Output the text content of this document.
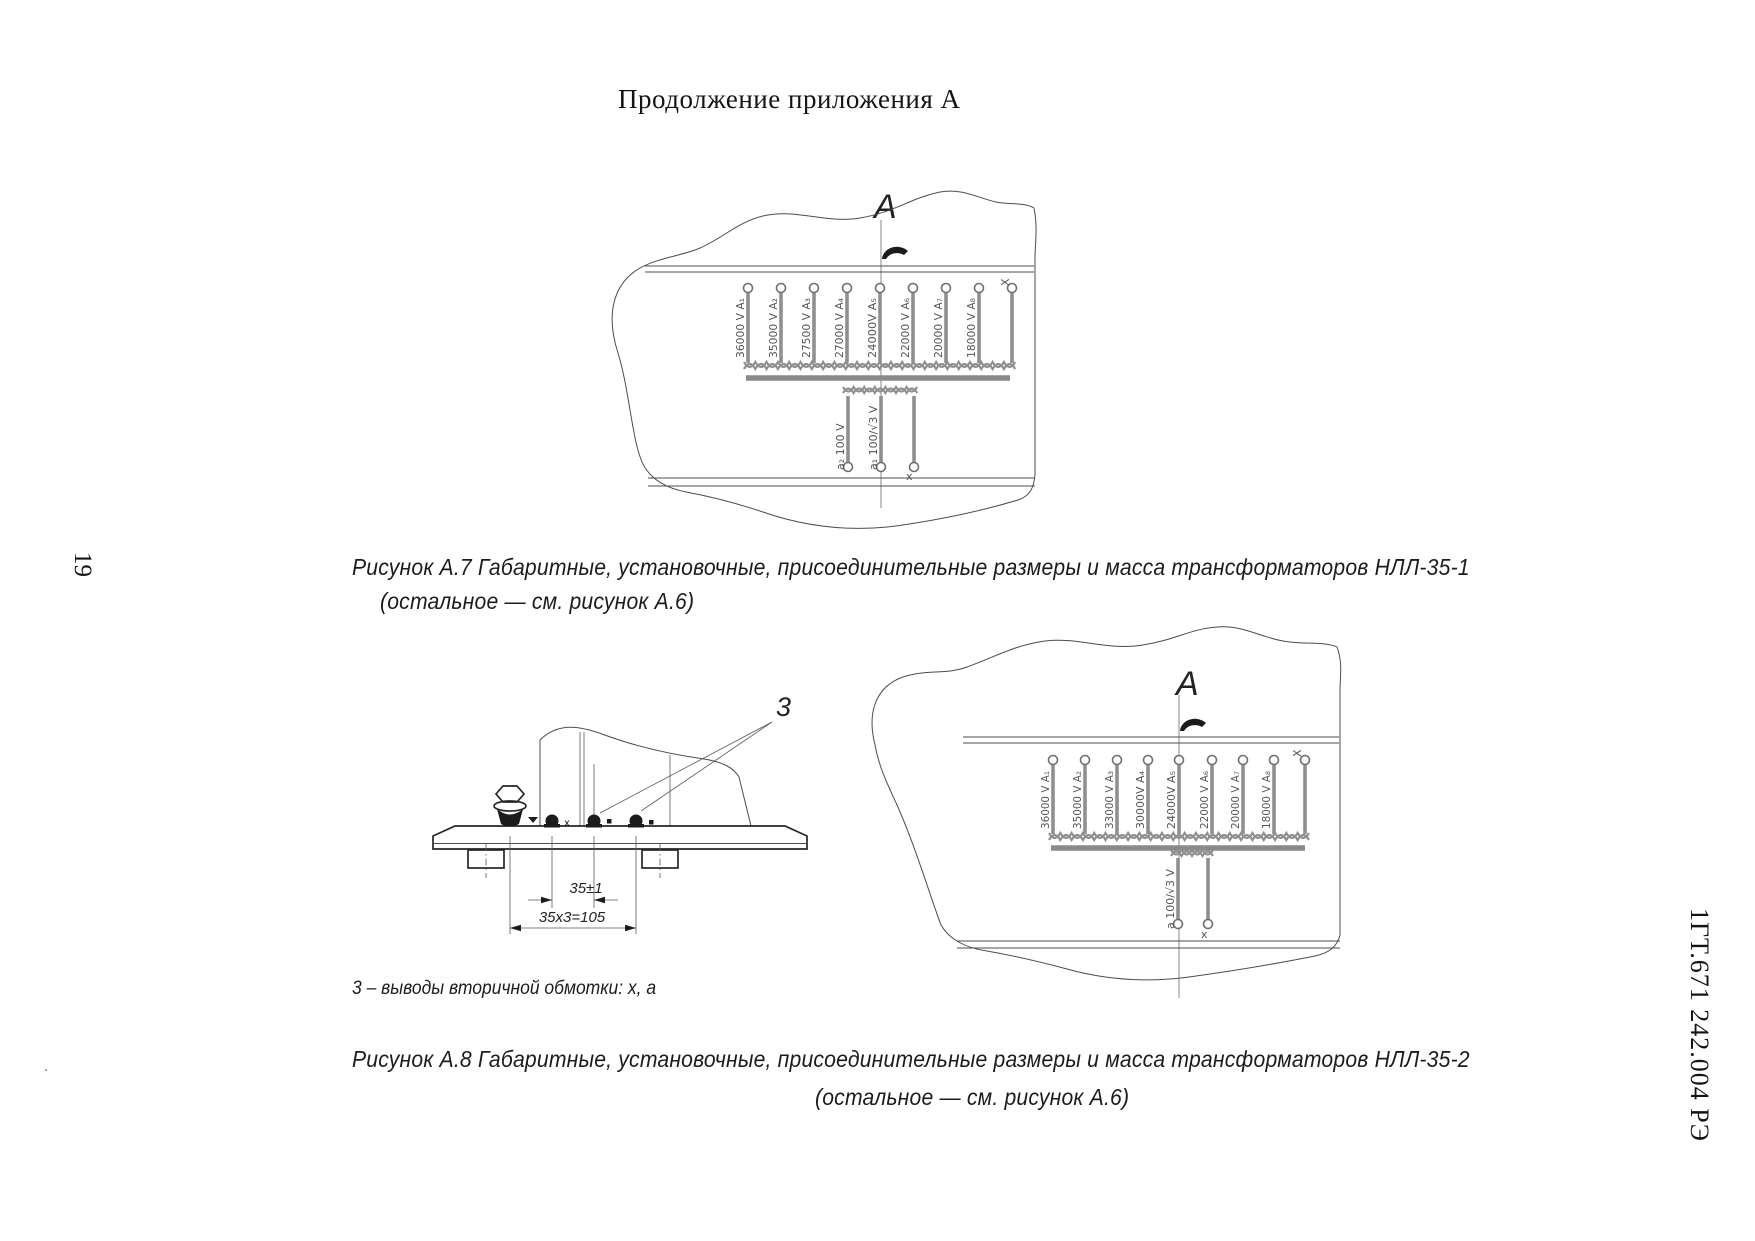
Продолжение приложения А
19
1ГТ.671 242.004 РЭ
.
А
36000 V А₁ 35000 V А₂ 27500 V А₃ 27000 V А₄ 24000V А₅ 22000 V А₆ 20000 V А₇ 18000 V А₈
Х
а₂ 100 V а₁ 100/√3 V
х
Рисунок А.7 Габаритные, установочные, присоединительные размеры и масса трансформаторов НЛЛ-35-1
(остальное — см. рисунок А.6)
3
x
35±1
35x3=105
3 – выводы вторичной обмотки: х, а
А
36000 V А₁ 35000 V А₂ 33000 V А₃ 30000V А₄ 24000V А₅ 22000 V А₆ 20000 V А₇ 18000 V А₈
Х
а 100/√3 V
х
Рисунок А.8 Габаритные, установочные, присоединительные размеры и масса трансформаторов НЛЛ-35-2
(остальное — см. рисунок А.6)
